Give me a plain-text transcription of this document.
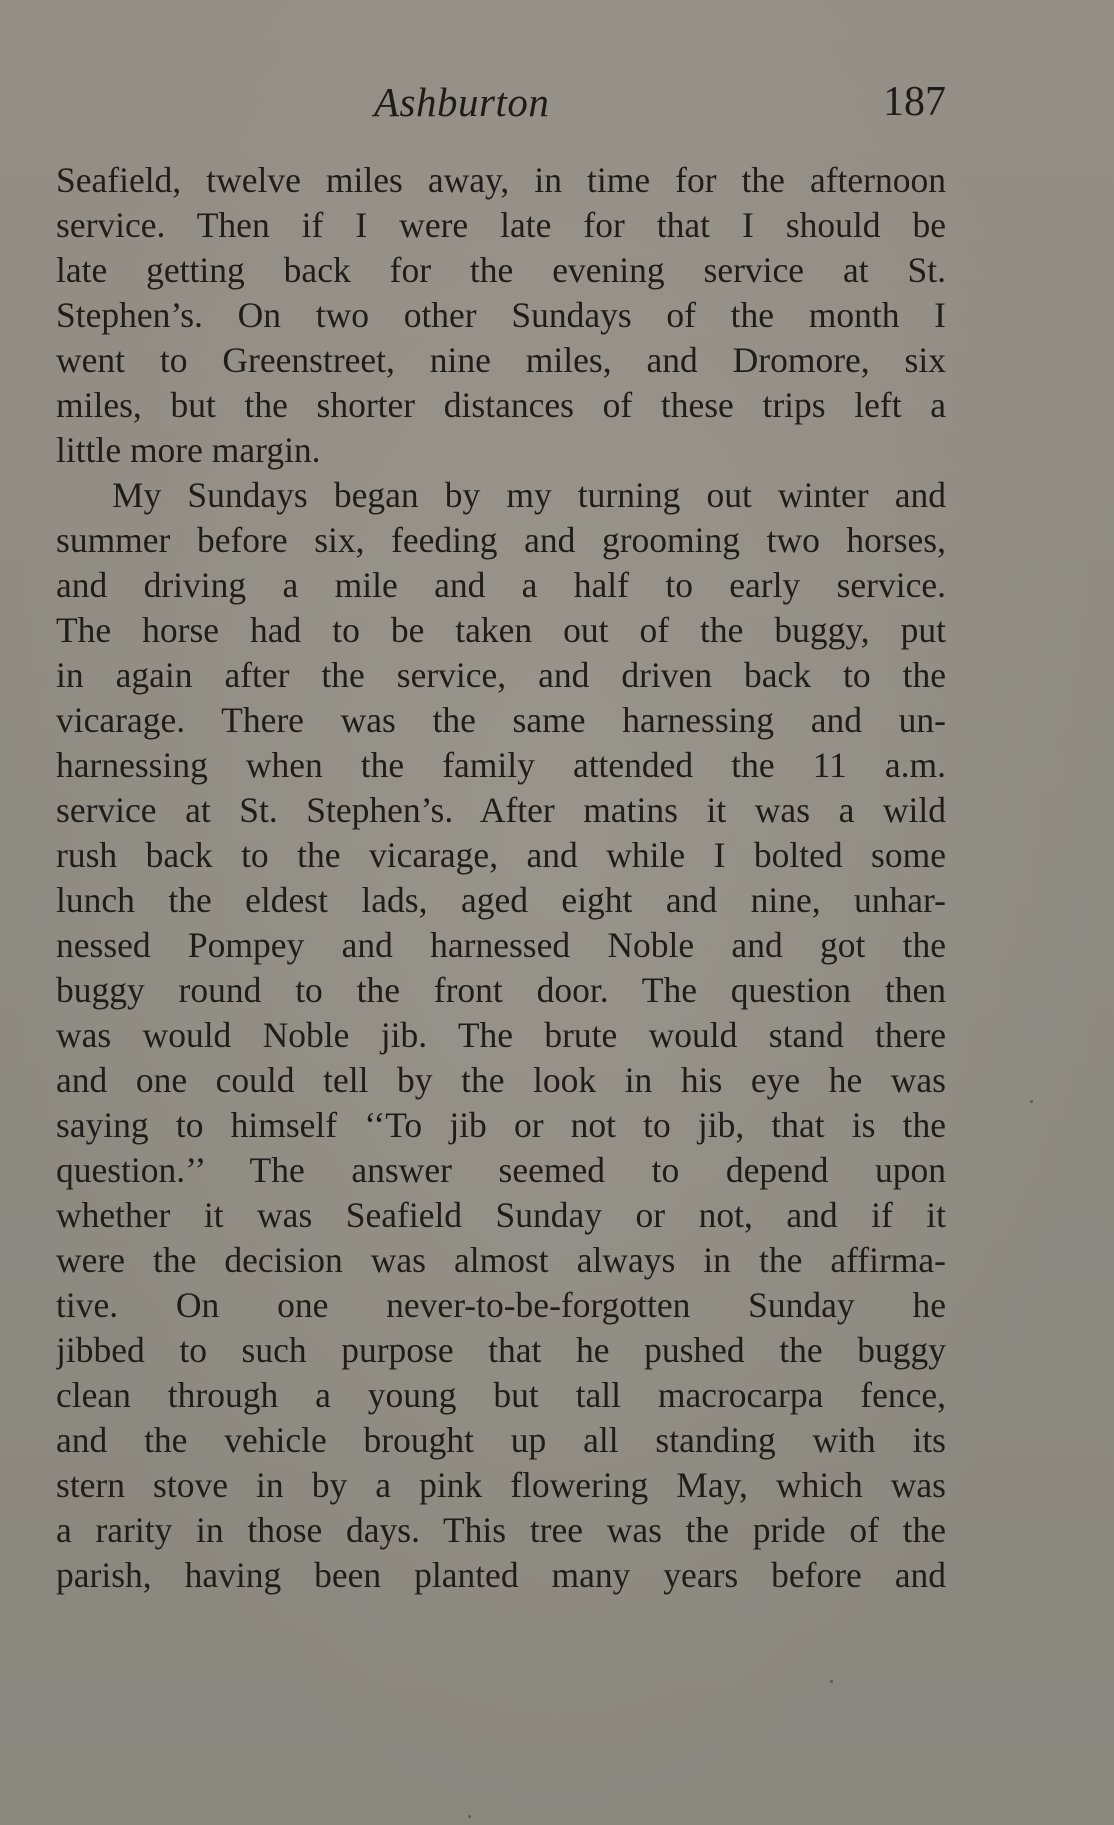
Ashburton	187
Seafield, twelve miles away, in time for the afternoon
service. Then if I were late for that I should be
late getting back for the evening service at St.
Stephen’s. On two other Sundays of the month I
went to Greenstreet, nine miles, and Dromore, six
miles, but the shorter distances of these trips left a
little more margin.
My Sundays began by my turning out winter and
summer before six, feeding and grooming two horses,
and driving a mile and a half to early service.
The horse had to be taken out of the buggy, put
in again after the service, and driven back to the
vicarage. There was the same harnessing and un-
harnessing when the family attended the 11 a.m.
service at St. Stephen’s. After matins it was a wild
rush back to the vicarage, and while I bolted some
lunch the eldest lads, aged eight and nine, unhar-
nessed Pompey and harnessed Noble and got the
buggy round to the front door. The question then
was would Noble jib. The brute would stand there
and one could tell by the look in his eye he was
saying to himself ‘‘To jib or not to jib, that is the
question.’’ The answer seemed to depend upon
whether it was Seafield Sunday or not, and if it
were the decision was almost always in the affirma-
tive. On one never-to-be-forgotten Sunday he
jibbed to such purpose that he pushed the buggy
clean through a young but tall macrocarpa fence,
and the vehicle brought up all standing with its
stern stove in by a pink flowering May, which was
a rarity in those days. This tree was the pride of the
parish, having been planted many years before and
